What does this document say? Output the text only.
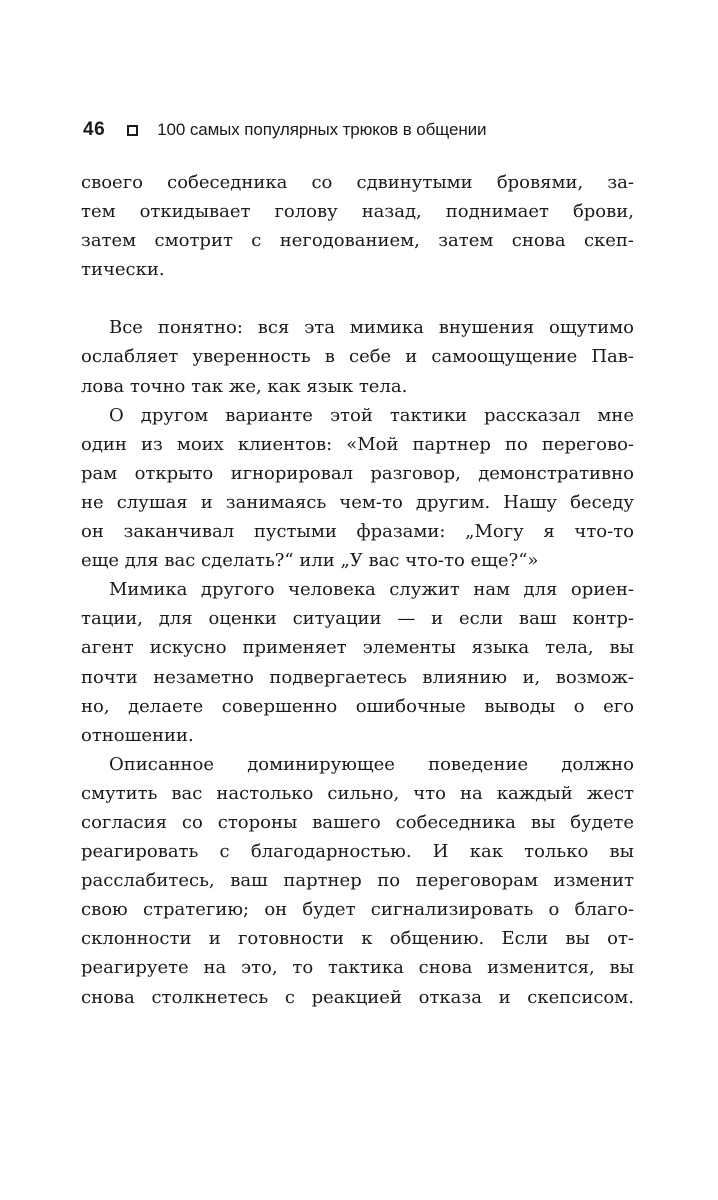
46	100 самых популярных трюков в общении
своего собеседника со сдвинутыми бровями, за-
тем откидывает голову назад, поднимает брови,
затем смотрит с негодованием, затем снова скеп-
тически.
Все понятно: вся эта мимика внушения ощутимо
ослабляет уверенность в себе и самоощущение Пав-
лова точно так же, как язык тела.
О другом варианте этой тактики рассказал мне
один из моих клиентов: «Мой партнер по перегово-
рам открыто игнорировал разговор, демонстративно
не слушая и занимаясь чем-то другим. Нашу беседу
он заканчивал пустыми фразами: „Могу я что-то
еще для вас сделать?“ или „У вас что-то еще?“»
Мимика другого человека служит нам для ориен-
тации, для оценки ситуации — и если ваш контр-
агент искусно применяет элементы языка тела, вы
почти незаметно подвергаетесь влиянию и, возмож-
но, делаете совершенно ошибочные выводы о его
отношении.
Описанное доминирующее поведение должно
смутить вас настолько сильно, что на каждый жест
согласия со стороны вашего собеседника вы будете
реагировать с благодарностью. И как только вы
расслабитесь, ваш партнер по переговорам изменит
свою стратегию; он будет сигнализировать о благо-
склонности и готовности к общению. Если вы от-
реагируете на это, то тактика снова изменится, вы
снова столкнетесь с реакцией отказа и скепсисом.
